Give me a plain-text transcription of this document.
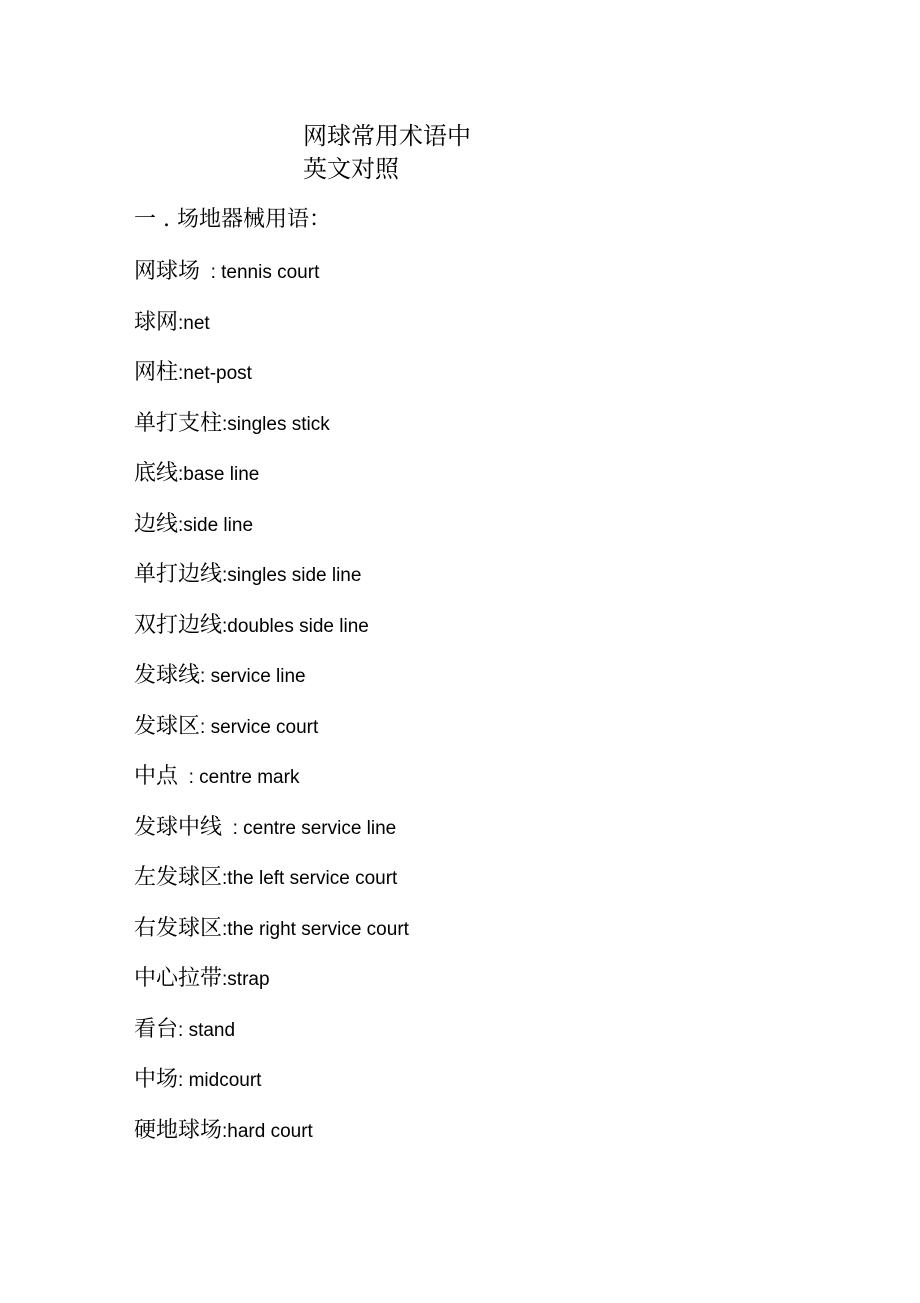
网球常用术语中
英文对照
一 . 场地器械用语：
网球场  : tennis court
球网:net
网柱:net-post
单打支柱:singles stick
底线:base line
边线:side line
单打边线:singles side line
双打边线:doubles side line
发球线: service line
发球区: service court
中点  : centre mark
发球中线  : centre service line
左发球区:the left service court
右发球区:the right service court
中心拉带:strap
看台: stand
中场: midcourt
硬地球场:hard court
